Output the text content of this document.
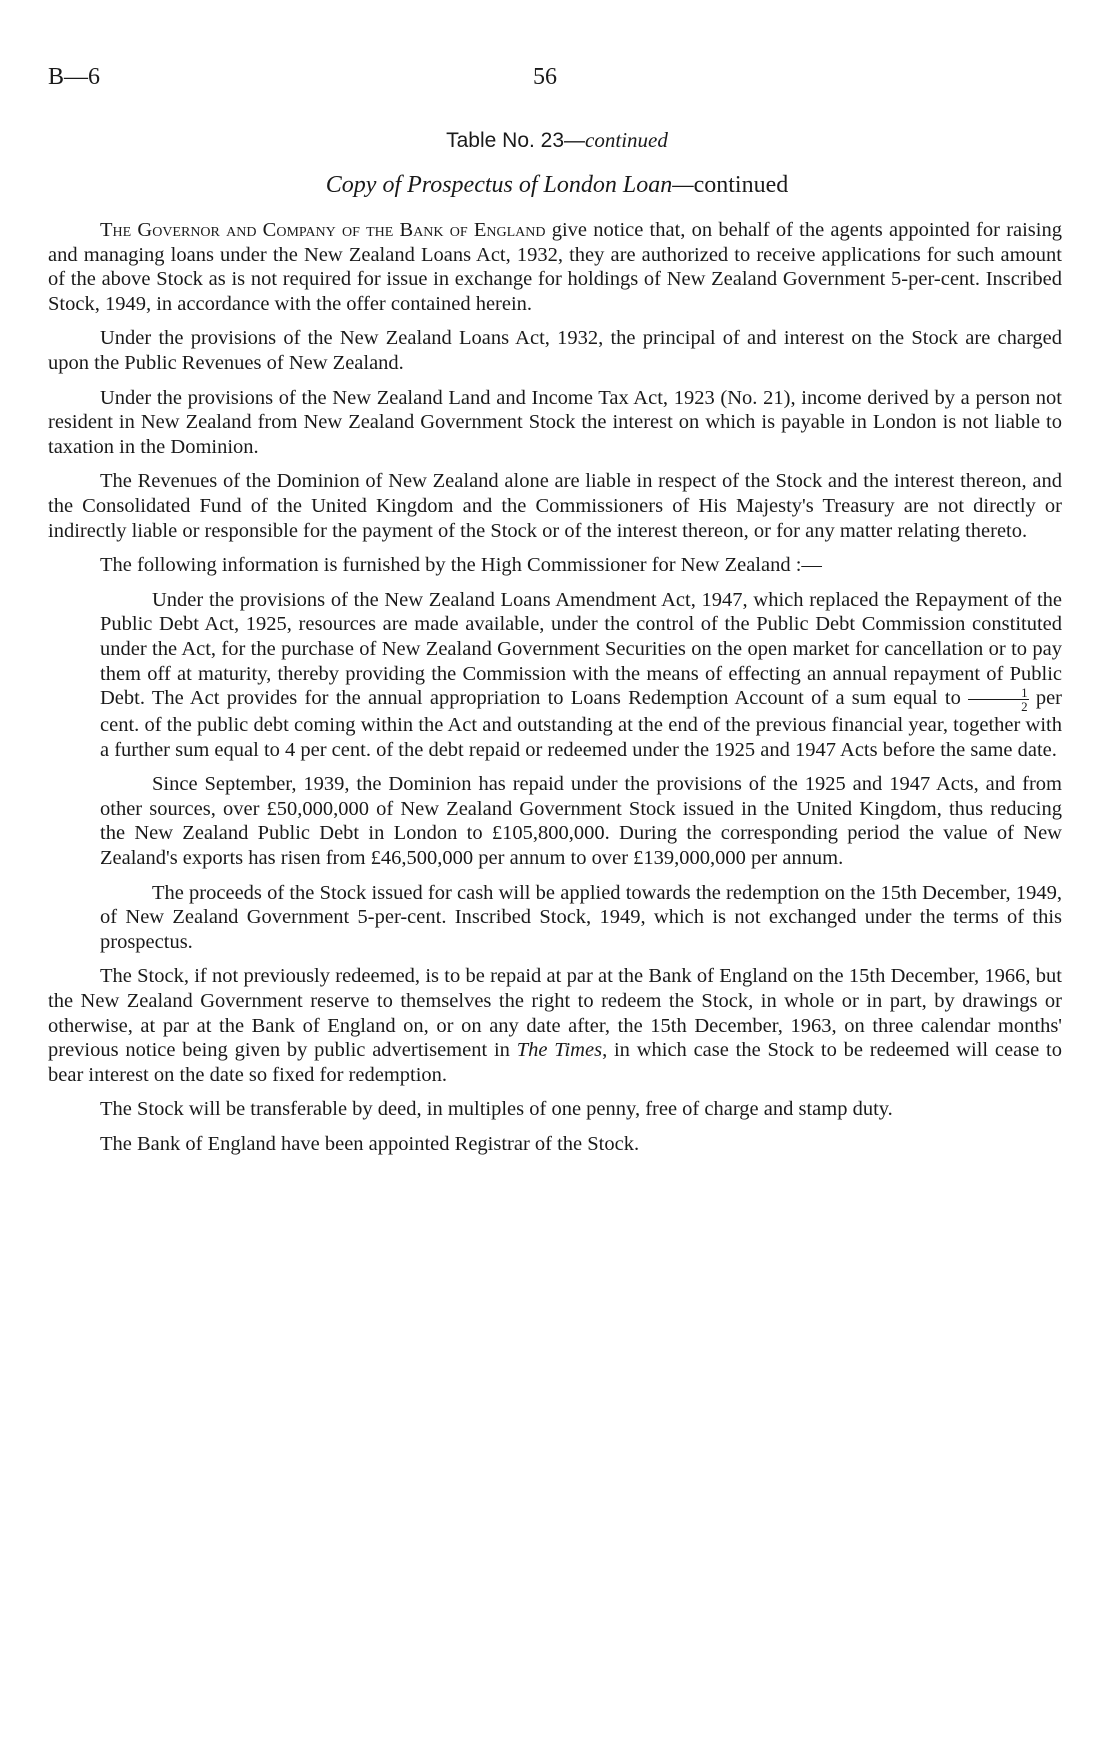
B—6	56
Table No. 23—continued
Copy of Prospectus of London Loan—continued

The Governor and Company of the Bank of England give notice that, on behalf of the agents appointed for raising and managing loans under the New Zealand Loans Act, 1932, they are authorized to receive applications for such amount of the above Stock as is not required for issue in exchange for holdings of New Zealand Government 5-per-cent. Inscribed Stock, 1949, in accordance with the offer contained herein.

Under the provisions of the New Zealand Loans Act, 1932, the principal of and interest on the Stock are charged upon the Public Revenues of New Zealand.

Under the provisions of the New Zealand Land and Income Tax Act, 1923 (No. 21), income derived by a person not resident in New Zealand from New Zealand Government Stock the interest on which is payable in London is not liable to taxation in the Dominion.

The Revenues of the Dominion of New Zealand alone are liable in respect of the Stock and the interest thereon, and the Consolidated Fund of the United Kingdom and the Commissioners of His Majesty's Treasury are not directly or indirectly liable or responsible for the payment of the Stock or of the interest thereon, or for any matter relating thereto.

The following information is furnished by the High Commissioner for New Zealand :—

Under the provisions of the New Zealand Loans Amendment Act, 1947, which replaced the Repayment of the Public Debt Act, 1925, resources are made available, under the control of the Public Debt Commission constituted under the Act, for the purchase of New Zealand Government Securities on the open market for cancellation or to pay them off at maturity, thereby providing the Commission with the means of effecting an annual repayment of Public Debt. The Act provides for the annual appropriation to Loans Redemption Account of a sum equal to $\frac{1}{2}$ per cent. of the public debt coming within the Act and outstanding at the end of the previous financial year, together with a further sum equal to 4 per cent. of the debt repaid or redeemed under the 1925 and 1947 Acts before the same date.

Since September, 1939, the Dominion has repaid under the provisions of the 1925 and 1947 Acts, and from other sources, over £50,000,000 of New Zealand Government Stock issued in the United Kingdom, thus reducing the New Zealand Public Debt in London to £105,800,000. During the corresponding period the value of New Zealand's exports has risen from £46,500,000 per annum to over £139,000,000 per annum.

The proceeds of the Stock issued for cash will be applied towards the redemption on the 15th December, 1949, of New Zealand Government 5-per-cent. Inscribed Stock, 1949, which is not exchanged under the terms of this prospectus.

The Stock, if not previously redeemed, is to be repaid at par at the Bank of England on the 15th December, 1966, but the New Zealand Government reserve to themselves the right to redeem the Stock, in whole or in part, by drawings or otherwise, at par at the Bank of England on, or on any date after, the 15th December, 1963, on three calendar months' previous notice being given by public advertisement in The Times, in which case the Stock to be redeemed will cease to bear interest on the date so fixed for redemption.

The Stock will be transferable by deed, in multiples of one penny, free of charge and stamp duty.

The Bank of England have been appointed Registrar of the Stock.
